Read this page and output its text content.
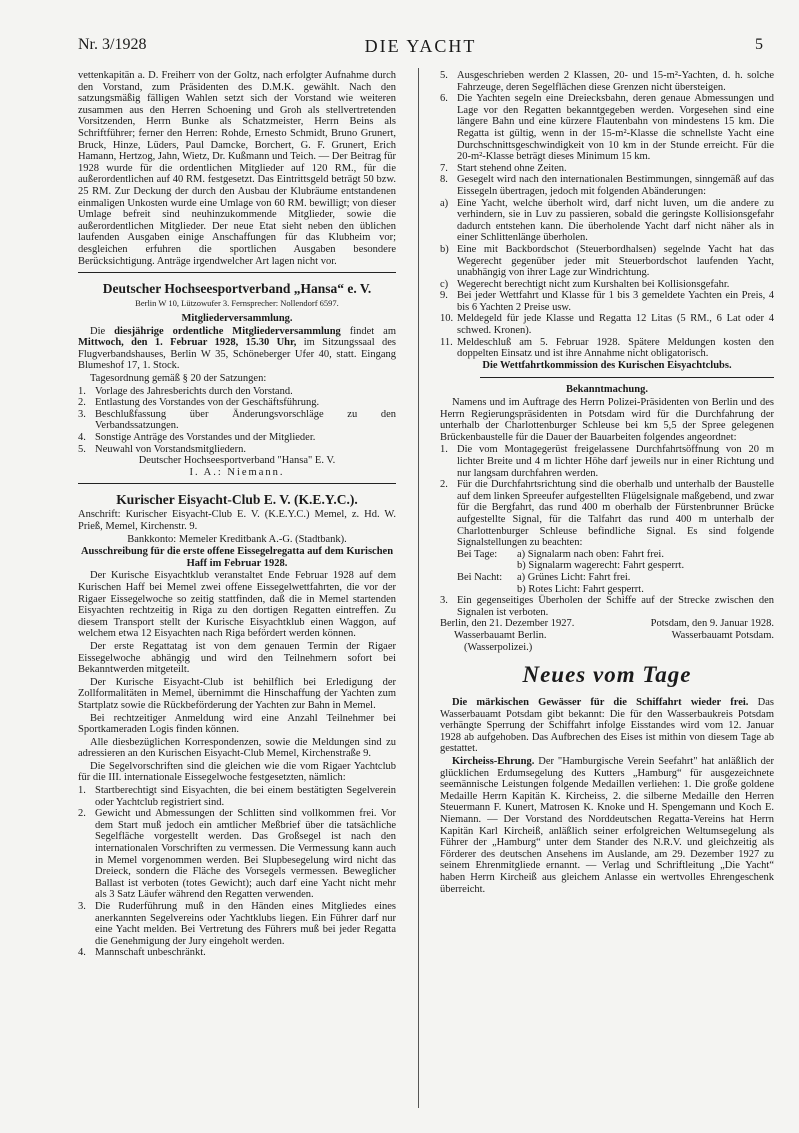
Nr. 3/1928	DIE YACHT	5

vettenkapitän a. D. Freiherr von der Goltz, nach erfolgter Aufnahme durch den Vorstand, zum Präsidenten des D.M.K. gewählt. Nach den satzungsmäßig fälligen Wahlen setzt sich der Vorstand wie weiteren zusammen aus den Herren Schoening und Groh als stellvertretenden Vorsitzenden, Herrn Bunke als Schatzmeister, Herrn Beins als Schriftführer; ferner den Herren: Rohde, Ernesto Schmidt, Bruno Grunert, Bruck, Hinze, Lüders, Paul Damcke, Borchert, G. F. Grunert, Erich Hamann, Hertzog, Jahn, Wietz, Dr. Kußmann und Teich. — Der Beitrag für 1928 wurde für die ordentlichen Mitglieder auf 120 RM., für die außerordentlichen auf 40 RM. festgesetzt. Das Eintrittsgeld beträgt 50 bzw. 25 RM. Zur Deckung der durch den Ausbau der Klubräume entstandenen einmaligen Unkosten wurde eine Umlage von 60 RM. bewilligt; von dieser Umlage befreit sind neuhinzukommende Mitglieder, sowie die außerordentlichen Mitglieder. Der neue Etat sieht neben den üblichen laufenden Ausgaben einige Anschaffungen für das Klubheim vor; desgleichen erfuhren die sportlichen Ausgaben besondere Berücksichtigung. Anträge irgendwelcher Art lagen nicht vor.

Deutscher Hochseesportverband „Hansa“ e. V.
Berlin W 10, Lützowufer 3. Fernsprecher: Nollendorf 6597.
Mitgliederversammlung.

Die diesjährige ordentliche Mitgliederversammlung findet am Mittwoch, den 1. Februar 1928, 15.30 Uhr, im Sitzungssaal des Flugverbandshauses, Berlin W 35, Schöneberger Ufer 40, statt. Eingang Blumeshof 17, 1. Stock.

Tagesordnung gemäß § 20 der Satzungen:

1. Vorlage des Jahresberichts durch den Vorstand.
2. Entlastung des Vorstandes von der Geschäftsführung.
3. Beschlußfassung über Änderungsvorschläge zu den Verbandssatzungen.
4. Sonstige Anträge des Vorstandes und der Mitglieder.
5. Neuwahl von Vorstandsmitgliedern.
Deutscher Hochseesportverband "Hansa" E. V.
I. A.: Niemann.
Kurischer Eisyacht-Club E. V. (K.E.Y.C.).

Anschrift: Kurischer Eisyacht-Club E. V. (K.E.Y.C.) Memel, z. Hd. W. Prieß, Memel, Kirchenstr. 9.

Bankkonto: Memeler Kreditbank A.-G. (Stadtbank).

Ausschreibung für die erste offene Eissegelregatta auf dem Kurischen Haff im Februar 1928.

Der Kurische Eisyachtklub veranstaltet Ende Februar 1928 auf dem Kurischen Haff bei Memel zwei offene Eissegelwettfahrten, die vor der Rigaer Eissegelwoche so zeitig stattfinden, daß die in Memel startenden Eisyachten rechtzeitig in Riga zu den dortigen Regatten eintreffen. Zu diesem Transport stellt der Kurische Eisyachtklub einen Waggon, auf welchem etwa 12 Eisyachten nach Riga befördert werden können.

Der erste Regattatag ist von dem genauen Termin der Rigaer Eissegelwoche abhängig und wird den Teilnehmern sofort bei Bekanntwerden mitgeteilt.

Der Kurische Eisyacht-Club ist behilflich bei Erledigung der Zollformalitäten in Memel, übernimmt die Hinschaffung der Yachten zum Startplatz sowie die Rückbeförderung der Yachten zur Bahn in Memel.

Bei rechtzeitiger Anmeldung wird eine Anzahl Teilnehmer bei Sportkameraden Logis finden können.

Alle diesbezüglichen Korrespondenzen, sowie die Meldungen sind zu adressieren an den Kurischen Eisyacht-Club Memel, Kirchenstraße 9.

Die Segelvorschriften sind die gleichen wie die vom Rigaer Yachtclub für die III. internationale Eissegelwoche festgesetzten, nämlich:

1. Startberechtigt sind Eisyachten, die bei einem bestätigten Segelverein oder Yachtclub registriert sind.
2. Gewicht und Abmessungen der Schlitten sind vollkommen frei. Vor dem Start muß jedoch ein amtlicher Meßbrief über die tatsächliche Segelfläche vorgestellt werden. Das Großsegel ist nach den internationalen Vorschriften zu vermessen. Die Vermessung kann auch in Memel vorgenommen werden. Bei Slupbesegelung wird nicht das Dreieck, sondern die Fläche des Vorsegels vermessen. Beweglicher Ballast ist verboten (totes Gewicht); auch darf eine Yacht nicht mehr als 3 Satz Läufer während den Regatten verwenden.
3. Die Ruderführung muß in den Händen eines Mitgliedes eines anerkannten Segelvereins oder Yachtklubs liegen. Ein Führer darf nur eine Yacht melden. Bei Vertretung des Führers muß bei jeder Regatta die Genehmigung der Jury eingeholt werden.
4. Mannschaft unbeschränkt.
5. Ausgeschrieben werden 2 Klassen, 20- und 15-m²-Yachten, d. h. solche Fahrzeuge, deren Segelflächen diese Grenzen nicht übersteigen.
6. Die Yachten segeln eine Dreiecksbahn, deren genaue Abmessungen und Lage vor den Regatten bekanntgegeben werden. Vorgesehen sind eine längere Bahn und eine kürzere Flautenbahn von mindestens 15 km. Die Regatta ist gültig, wenn in der 15-m²-Klasse die schnellste Yacht eine Durchschnittsgeschwindigkeit von 10 km in der Stunde erreicht. Für die 20-m²-Klasse beträgt dieses Minimum 15 km.
7. Start stehend ohne Zeiten.
8. Gesegelt wird nach den internationalen Bestimmungen, sinngemäß auf das Eissegeln übertragen, jedoch mit folgenden Abänderungen:
a) Eine Yacht, welche überholt wird, darf nicht luven, um die andere zu verhindern, sie in Luv zu passieren, sobald die geringste Kollisionsgefahr dadurch entstehen kann. Die überholende Yacht darf nicht näher als in einer Schlittenlänge überholen.
b) Eine mit Backbordschot (Steuerbordhalsen) segelnde Yacht hat das Wegerecht gegenüber jeder mit Steuerbordschot laufenden Yacht, unabhängig von ihrer Lage zur Windrichtung.
c) Wegerecht berechtigt nicht zum Kurshalten bei Kollisionsgefahr.
9. Bei jeder Wettfahrt und Klasse für 1 bis 3 gemeldete Yachten ein Preis, 4 bis 6 Yachten 2 Preise usw.
10. Meldegeld für jede Klasse und Regatta 12 Litas (5 RM., 6 Lat oder 4 schwed. Kronen).
11. Meldeschluß am 5. Februar 1928. Spätere Meldungen kosten den doppelten Einsatz und ist ihre Annahme nicht obligatorisch.
Die Wettfahrtkommission des Kurischen Eisyachtclubs.
Bekanntmachung.

Namens und im Auftrage des Herrn Polizei-Präsidenten von Berlin und des Herrn Regierungspräsidenten in Potsdam wird für die Durchfahrung der unterhalb der Charlottenburger Schleuse bei km 5,5 der Spree gelegenen Brückenbaustelle für die Dauer der Bauarbeiten folgendes angeordnet:

1. Die vom Montagegerüst freigelassene Durchfahrtsöffnung von 20 m lichter Breite und 4 m lichter Höhe darf jeweils nur in einer Richtung und nur langsam durchfahren werden.
2. Für die Durchfahrtsrichtung sind die oberhalb und unterhalb der Baustelle auf dem linken Spreeufer aufgestellten Flügelsignale maßgebend, und zwar für die Bergfahrt, das rund 400 m oberhalb der Fürstenbrunner Brücke aufgestellte Signal, für die Talfahrt das rund 400 m unterhalb der Charlottenburger Schleuse befindliche Signal. Es sind folgende Signalstellungen zu beachten:
Bei Tage: a) Signalarm nach oben: Fahrt frei.
b) Signalarm wagerecht: Fahrt gesperrt.
Bei Nacht: a) Grünes Licht: Fahrt frei.
b) Rotes Licht: Fahrt gesperrt.
3. Ein gegenseitiges Überholen der Schiffe auf der Strecke zwischen den Signalen ist verboten.
Berlin, den 21. Dezember 1927.	Potsdam, den 9. Januar 1928.
Wasserbauamt Berlin.	Wasserbauamt Potsdam.
(Wasserpolizei.)
Neues vom Tage

Die märkischen Gewässer für die Schiffahrt wieder frei. Das Wasserbauamt Potsdam gibt bekannt: Die für den Wasserbaukreis Potsdam verhängte Sperrung der Schiffahrt infolge Eisstandes wird vom 12. Januar 1928 ab aufgehoben. Das Aufbrechen des Eises ist mithin von diesem Tage ab gestattet.

Kircheiss-Ehrung. Der "Hamburgische Verein Seefahrt" hat anläßlich der glücklichen Erdumsegelung des Kutters „Hamburg“ für ausgezeichnete seemännische Leistungen folgende Medaillen verliehen: 1. Die große goldene Medaille Herrn Kapitän K. Kircheiss, 2. die silberne Medaille den Herren Steuermann F. Kunert, Matrosen K. Knoke und H. Spengemann und Koch E. Niemann. — Der Vorstand des Norddeutschen Regatta-Vereins hat Herrn Kapitän Karl Kircheiß, anläßlich seiner erfolgreichen Weltumsegelung als Führer der „Hamburg“ unter dem Stander des N.R.V. und gleichzeitig als Förderer des deutschen Ansehens im Auslande, am 29. Dezember 1927 zu seinem Ehrenmitgliede ernannt. — Verlag und Schriftleitung „Die Yacht“ haben Herrn Kircheiß aus gleichem Anlasse ein wertvolles Ehrengeschenk überreicht.
